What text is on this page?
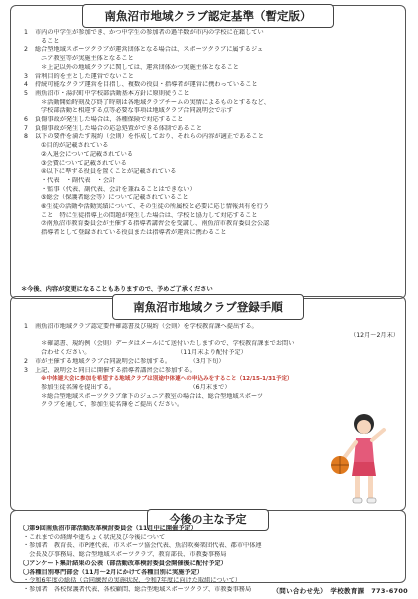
南魚沼市地域クラブ認定基準（暫定版）
1	市内の中学生が参加でき、かつ中学生の参加者の過半数が市内の学校に在籍してい
ること
2	総合型地域スポーツクラブが運営団体となる場合は、スポーツクラブに属するジュ
ニア教室等が実施主体となること
＊上記以外の地域クラブに関しては、運営団体かつ実施主体となること
3	営利目的を主とした運営でないこと
4	持続可能なクラブ運営を目指し、複数の役員・指導者が運営に携わっていること
5	南魚沼市・湯沢町中学校部活動基本方針に原則従うこと
＊活動開始時刻及び終了時刻は各地域クラブチームの実情によるものとするなど、
学校部活動と相違する点等必要な事項は地域クラブ合同説明会で示す
6	負傷事故が発生した場合は、各種保険で対応すること
7	負傷事故が発生した場合の応急処置ができる体制であること
8	以下の要件を満たす規約（会則）を作成しており、それらの内容が適正であること
①目的が記載されている
②入退会について記載されている
③会費について記載されている
④以下に準ずる役員を置くことが記載されている
・代表　・副代表　・会計
・監事（代表、副代表、会計を兼ねることはできない）
⑤総会（保護者総会等）について記載されていること
⑥生徒の活動や活動実績について、その生徒の所属校と必要に応じ情報共有を行う
こと　特に生徒指導上の問題が発生した場合は、学校と協力して対応すること
⑦南魚沼市教育委員会が主催する指導者講習会を受講し、南魚沼市教育委員会公認
指導者として登録されている役員または指導者が運営に携わること
＊今後、内容が変更になることもありますので、予めご了承ください
南魚沼市地域クラブ登録手順
1	南魚沼市地域クラブ認定要件確認書及び規約（会則）を学校教育課へ提出する。
（12月～2月末）
＊確認書、規約例（会則）データはメールにて送付いたしますので、学校教育課までお問い
合わせください。　　　　　　　　　　　　　　　（11月末より配付予定）
2	市が主催する地域クラブ合同説明会に参加する。　　　　（3月下旬）
3	上記、説明会と同日に開催する指導者講習会に参加する。
※中体連大会に参加を希望する地域クラブは別途中体連への申込みをすること（12/15-1/31予定）
参加生徒名簿を提出する。　　　　　　　　　　　　　（6月末まで）
＊総合型地域スポーツクラブ傘下のジュニア教室の場合は、総合型地域スポーツ
クラブを通して、参加生徒名簿をご提出ください。
今後の主な予定
〇第9回南魚沼市部活動改革検討委員会（11月中に開催予定）
・これまでの経緯や進ちょく状況及び今後について
・参加者　教育長、市P連代表、市スポーツ協会代表、魚沼吹奏楽団代表、郡市中体連
　会長及び事務局、総合型地域スポーツクラブ、教育部長、市教委事務局
〇アンケート集計結果の公表（部活動改革検討委員会開催後に配付予定）
〇各種目別専門部会（11月～2月にかけて各種目別に実施予定）
・令和6年度の総括（合同練習の実施状況、令和7年度に向けた取組について）
・参加者　各校保護者代表、各校顧問、総合型地域スポーツクラブ、市教委事務局	（問い合わせ先）　学校教育課　773-6700
